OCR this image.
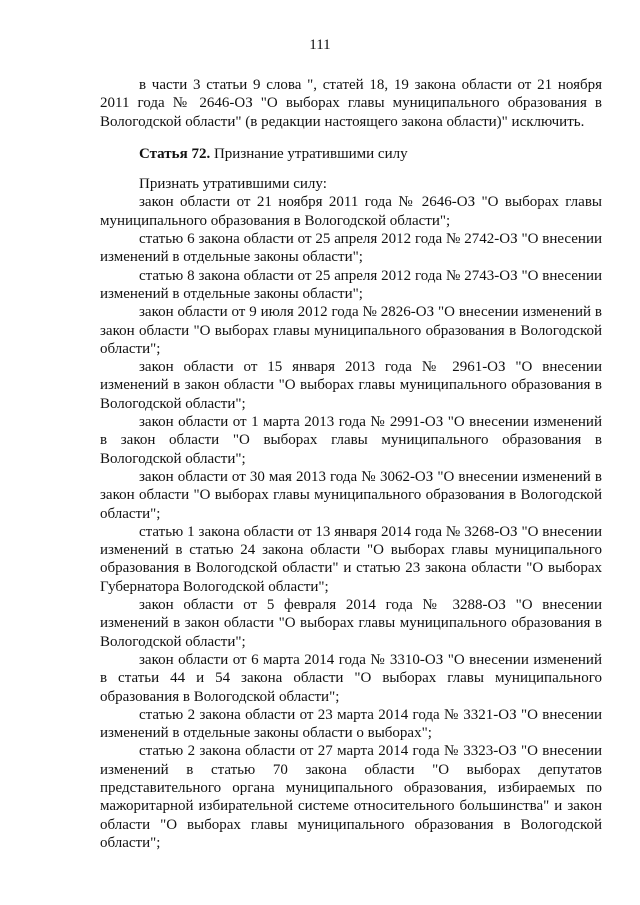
111

в части 3 статьи 9 слова ", статей 18, 19 закона области от 21 ноября 2011 года № 2646-ОЗ "О выборах главы муниципального образования в Вологодской области" (в редакции настоящего закона области)" исключить.

Статья 72. Признание утратившими силу

Признать утратившими силу:

закон области от 21 ноября 2011 года № 2646-ОЗ "О выборах главы муниципального образования в Вологодской области";

статью 6 закона области от 25 апреля 2012 года № 2742-ОЗ "О внесении изменений в отдельные законы области";

статью 8 закона области от 25 апреля 2012 года № 2743-ОЗ "О внесении изменений в отдельные законы области";

закон области от 9 июля 2012 года № 2826-ОЗ "О внесении изменений в закон области "О выборах главы муниципального образования в Вологодской области";

закон области от 15 января 2013 года № 2961-ОЗ "О внесении изменений в закон области "О выборах главы муниципального образования в Вологодской области";

закон области от 1 марта 2013 года № 2991-ОЗ "О внесении изменений в закон области "О выборах главы муниципального образования в Вологодской области";

закон области от 30 мая 2013 года № 3062-ОЗ "О внесении изменений в закон области "О выборах главы муниципального образования в Вологодской области";

статью 1 закона области от 13 января 2014 года № 3268-ОЗ "О внесении изменений в статью 24 закона области "О выборах главы муниципального образования в Вологодской области" и статью 23 закона области "О выборах Губернатора Вологодской области";

закон области от 5 февраля 2014 года № 3288-ОЗ "О внесении изменений в закон области "О выборах главы муниципального образования в Вологодской области";

закон области от 6 марта 2014 года № 3310-ОЗ "О внесении изменений в статьи 44 и 54 закона области "О выборах главы муниципального образования в Вологодской области";

статью 2 закона области от 23 марта 2014 года № 3321-ОЗ "О внесении изменений в отдельные законы области о выборах";

статью 2 закона области от 27 марта 2014 года № 3323-ОЗ "О внесении изменений в статью 70 закона области "О выборах депутатов представительного органа муниципального образования, избираемых по мажоритарной избирательной системе относительного большинства" и закон области "О выборах главы муниципального образования в Вологодской области";
